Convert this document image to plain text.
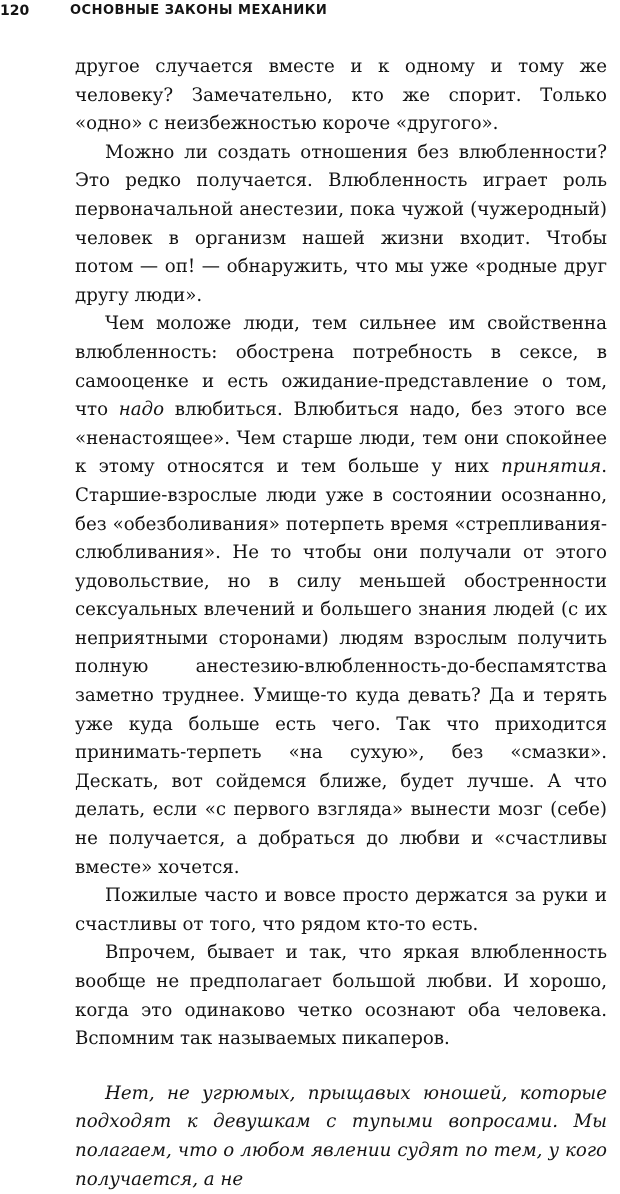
120	ОСНОВНЫЕ ЗАКОНЫ МЕХАНИКИ

другое случается вместе и к одному и тому же человеку? Замечательно, кто же спорит. Только «одно» с неизбежностью короче «другого».

Можно ли создать отношения без влюбленности? Это редко получается. Влюбленность играет роль первоначальной анестезии, пока чужой (чужеродный) человек в организм нашей жизни входит. Чтобы потом — оп! — обнаружить, что мы уже «родные друг другу люди».

Чем моложе люди, тем сильнее им свойственна влюбленность: обострена потребность в сексе, в самооценке и есть ожидание-представление о том, что надо влюбиться. Влюбиться надо, без этого все «ненастоящее». Чем старше люди, тем они спокойнее к этому относятся и тем больше у них принятия. Старшие-взрослые люди уже в состоянии осознанно, без «обезболивания» потерпеть время «стрепливания-слюбливания». Не то чтобы они получали от этого удовольствие, но в силу меньшей обостренности сексуальных влечений и большего знания людей (с их неприятными сторонами) людям взрослым получить полную анестезию-влюбленность-до-беспамятства заметно труднее. Умище-то куда девать? Да и терять уже куда больше есть чего. Так что приходится принимать-терпеть «на сухую», без «смазки». Дескать, вот сойдемся ближе, будет лучше. А что делать, если «с первого взгляда» вынести мозг (себе) не получается, а добраться до любви и «счастливы вместе» хочется.

Пожилые часто и вовсе просто держатся за руки и счастливы от того, что рядом кто-то есть.

Впрочем, бывает и так, что яркая влюбленность вообще не предполагает большой любви. И хорошо, когда это одинаково четко осознают оба человека. Вспомним так называемых пикаперов.

Нет, не угрюмых, прыщавых юношей, которые подходят к девушкам с тупыми вопросами. Мы полагаем, что о любом явлении судят по тем, у кого получается, а не
